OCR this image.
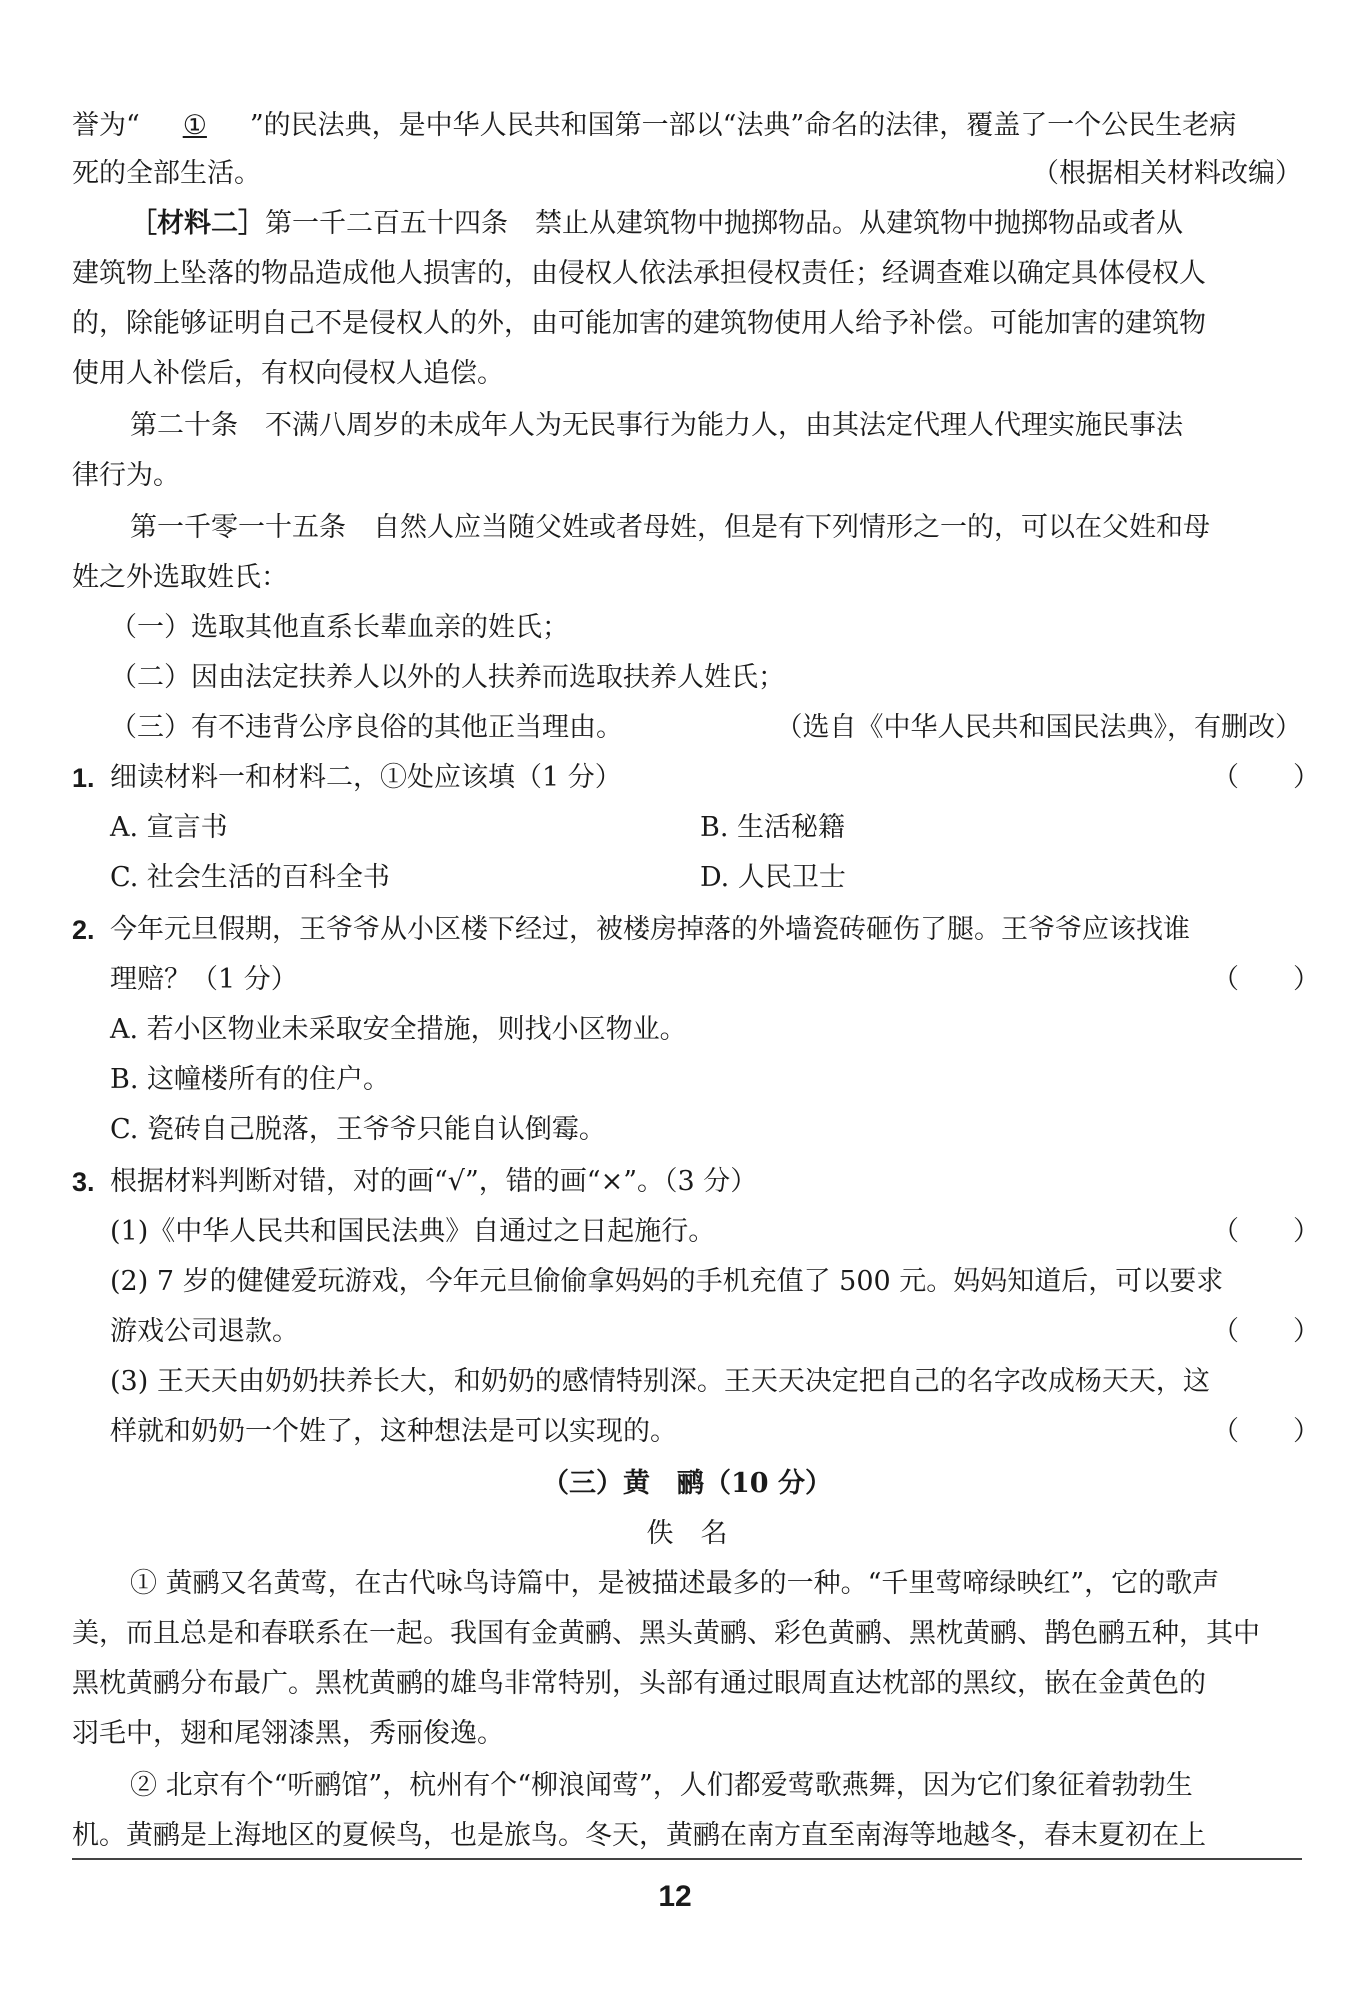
誉为“ ① ”的民法典，是中华人民共和国第一部以“法典”命名的法律，覆盖了一个公民生老病
死的全部生活。	（根据相关材料改编）
［材料二］第一千二百五十四条　禁止从建筑物中抛掷物品。从建筑物中抛掷物品或者从
建筑物上坠落的物品造成他人损害的，由侵权人依法承担侵权责任；经调查难以确定具体侵权人
的，除能够证明自己不是侵权人的外，由可能加害的建筑物使用人给予补偿。可能加害的建筑物
使用人补偿后，有权向侵权人追偿。
第二十条　不满八周岁的未成年人为无民事行为能力人，由其法定代理人代理实施民事法
律行为。
第一千零一十五条　自然人应当随父姓或者母姓，但是有下列情形之一的，可以在父姓和母
姓之外选取姓氏：
（一）选取其他直系长辈血亲的姓氏；
（二）因由法定扶养人以外的人扶养而选取扶养人姓氏；
（三）有不违背公序良俗的其他正当理由。	（选自《中华人民共和国民法典》，有删改）
1. 细读材料一和材料二，①处应该填（1 分）	（　　）
A. 宣言书	B. 生活秘籍
C. 社会生活的百科全书	D. 人民卫士
2. 今年元旦假期，王爷爷从小区楼下经过，被楼房掉落的外墙瓷砖砸伤了腿。王爷爷应该找谁
理赔？（1 分）	（　　）
A. 若小区物业未采取安全措施，则找小区物业。
B. 这幢楼所有的住户。
C. 瓷砖自己脱落，王爷爷只能自认倒霉。
3. 根据材料判断对错，对的画“√”，错的画“×”。（3 分）
(1)《中华人民共和国民法典》自通过之日起施行。	（　　）
(2) 7 岁的健健爱玩游戏，今年元旦偷偷拿妈妈的手机充值了 500 元。妈妈知道后，可以要求
游戏公司退款。	（　　）
(3) 王天天由奶奶扶养长大，和奶奶的感情特别深。王天天决定把自己的名字改成杨天天，这
样就和奶奶一个姓了，这种想法是可以实现的。	（　　）
（三）黄　鹂（10 分）
佚　名
① 黄鹂又名黄莺，在古代咏鸟诗篇中，是被描述最多的一种。“千里莺啼绿映红”，它的歌声
美，而且总是和春联系在一起。我国有金黄鹂、黑头黄鹂、彩色黄鹂、黑枕黄鹂、鹊色鹂五种，其中
黑枕黄鹂分布最广。黑枕黄鹂的雄鸟非常特别，头部有通过眼周直达枕部的黑纹，嵌在金黄色的
羽毛中，翅和尾翎漆黑，秀丽俊逸。
② 北京有个“听鹂馆”，杭州有个“柳浪闻莺”，人们都爱莺歌燕舞，因为它们象征着勃勃生
机。黄鹂是上海地区的夏候鸟，也是旅鸟。冬天，黄鹂在南方直至南海等地越冬，春末夏初在上
12
